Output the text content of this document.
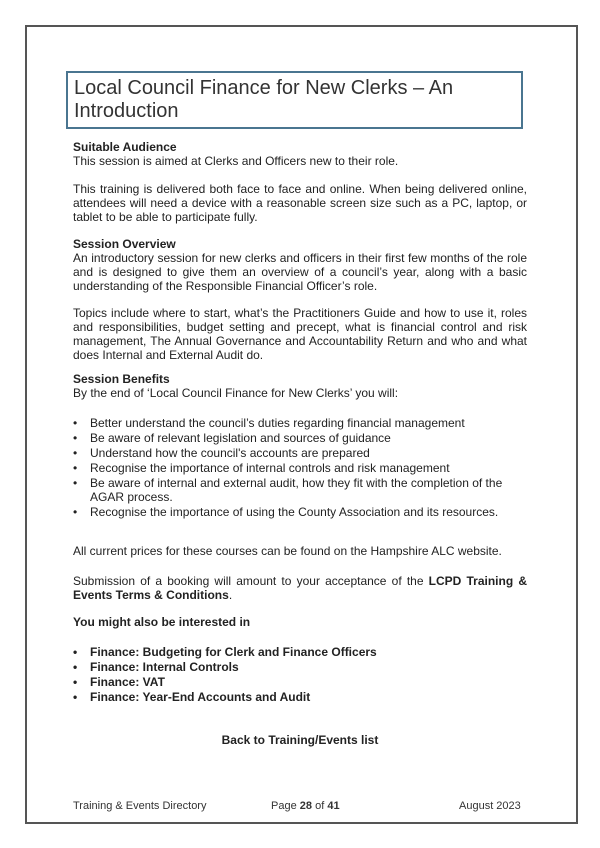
Local Council Finance for New Clerks – An Introduction
Suitable Audience
This session is aimed at Clerks and Officers new to their role.
This training is delivered both face to face and online. When being delivered online, attendees will need a device with a reasonable screen size such as a PC, laptop, or tablet to be able to participate fully.
Session Overview
An introductory session for new clerks and officers in their first few months of the role and is designed to give them an overview of a council’s year, along with a basic understanding of the Responsible Financial Officer’s role.
Topics include where to start, what’s the Practitioners Guide and how to use it, roles and responsibilities, budget setting and precept, what is financial control and risk management, The Annual Governance and Accountability Return and who and what does Internal and External Audit do.
Session Benefits
By the end of ‘Local Council Finance for New Clerks’ you will:
• Better understand the council’s duties regarding financial management
• Be aware of relevant legislation and sources of guidance
• Understand how the council's accounts are prepared
• Recognise the importance of internal controls and risk management
• Be aware of internal and external audit, how they fit with the completion of the AGAR process.
• Recognise the importance of using the County Association and its resources.
All current prices for these courses can be found on the Hampshire ALC website.
Submission of a booking will amount to your acceptance of the LCPD Training & Events Terms & Conditions.
You might also be interested in
• Finance: Budgeting for Clerk and Finance Officers
• Finance: Internal Controls
• Finance: VAT
• Finance: Year-End Accounts and Audit
Back to Training/Events list
Training & Events Directory	Page 28 of 41	August 2023
